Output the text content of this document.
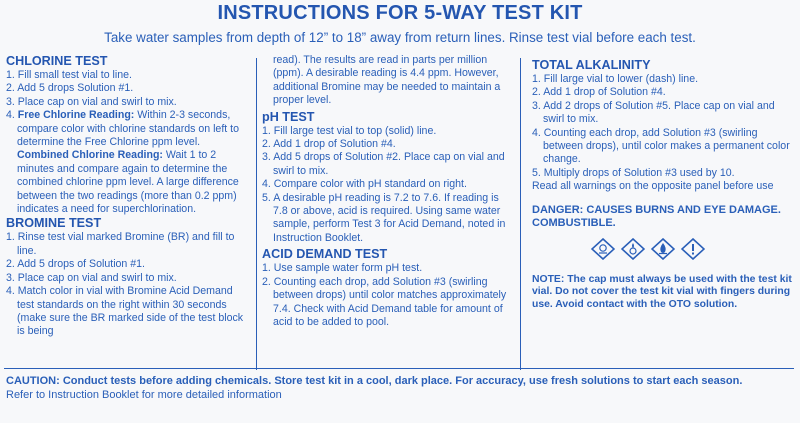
INSTRUCTIONS FOR 5-WAY TEST KIT
Take water samples from depth of 12” to 18” away from return lines. Rinse test vial before each test.
CHLORINE TEST
1. Fill small test vial to line.
2. Add 5 drops Solution #1.
3. Place cap on vial and swirl to mix.
4. Free Chlorine Reading: Within 2-3 seconds, compare color with chlorine standards on left to determine the Free Chlorine ppm level.
Combined Chlorine Reading: Wait 1 to 2 minutes and compare again to determine the combined chlorine ppm level. A large difference between the two readings (more than 0.2 ppm) indicates a need for superchlorination.
BROMINE TEST
1. Rinse test vial marked Bromine (BR) and fill to line.
2. Add 5 drops of Solution #1.
3. Place cap on vial and swirl to mix.
4. Match color in vial with Bromine Acid Demand test standards on the right within 30 seconds (make sure the BR marked side of the test block is being
read). The results are read in parts per million (ppm). A desirable reading is 4.4 ppm. However, additional Bromine may be needed to maintain a proper level.
pH TEST
1. Fill large test vial to top (solid) line.
2. Add 1 drop of Solution #4.
3. Add 5 drops of Solution #2. Place cap on vial and swirl to mix.
4. Compare color with pH standard on right.
5. A desirable pH reading is 7.2 to 7.6. If reading is 7.8 or above, acid is required. Using same water sample, perform Test 3 for Acid Demand, noted in Instruction Booklet.
ACID DEMAND TEST
1. Use sample water form pH test.
2. Counting each drop, add Solution #3 (swirling between drops) until color matches approximately 7.4. Check with Acid Demand table for amount of acid to be added to pool.
TOTAL ALKALINITY
1. Fill large vial to lower (dash) line.
2. Add 1 drop of Solution #4.
3. Add 2 drops of Solution #5. Place cap on vial and swirl to mix.
4. Counting each drop, add Solution #3 (swirling between drops), until color makes a permanent color change.
5. Multiply drops of Solution #3 used by 10.
Read all warnings on the opposite panel before use
DANGER: CAUSES BURNS AND EYE DAMAGE. COMBUSTIBLE.
NOTE: The cap must always be used with the test kit vial. Do not cover the test kit vial with fingers during use. Avoid contact with the OTO solution.
CAUTION: Conduct tests before adding chemicals. Store test kit in a cool, dark place. For accuracy, use fresh solutions to start each season.
Refer to Instruction Booklet for more detailed information
